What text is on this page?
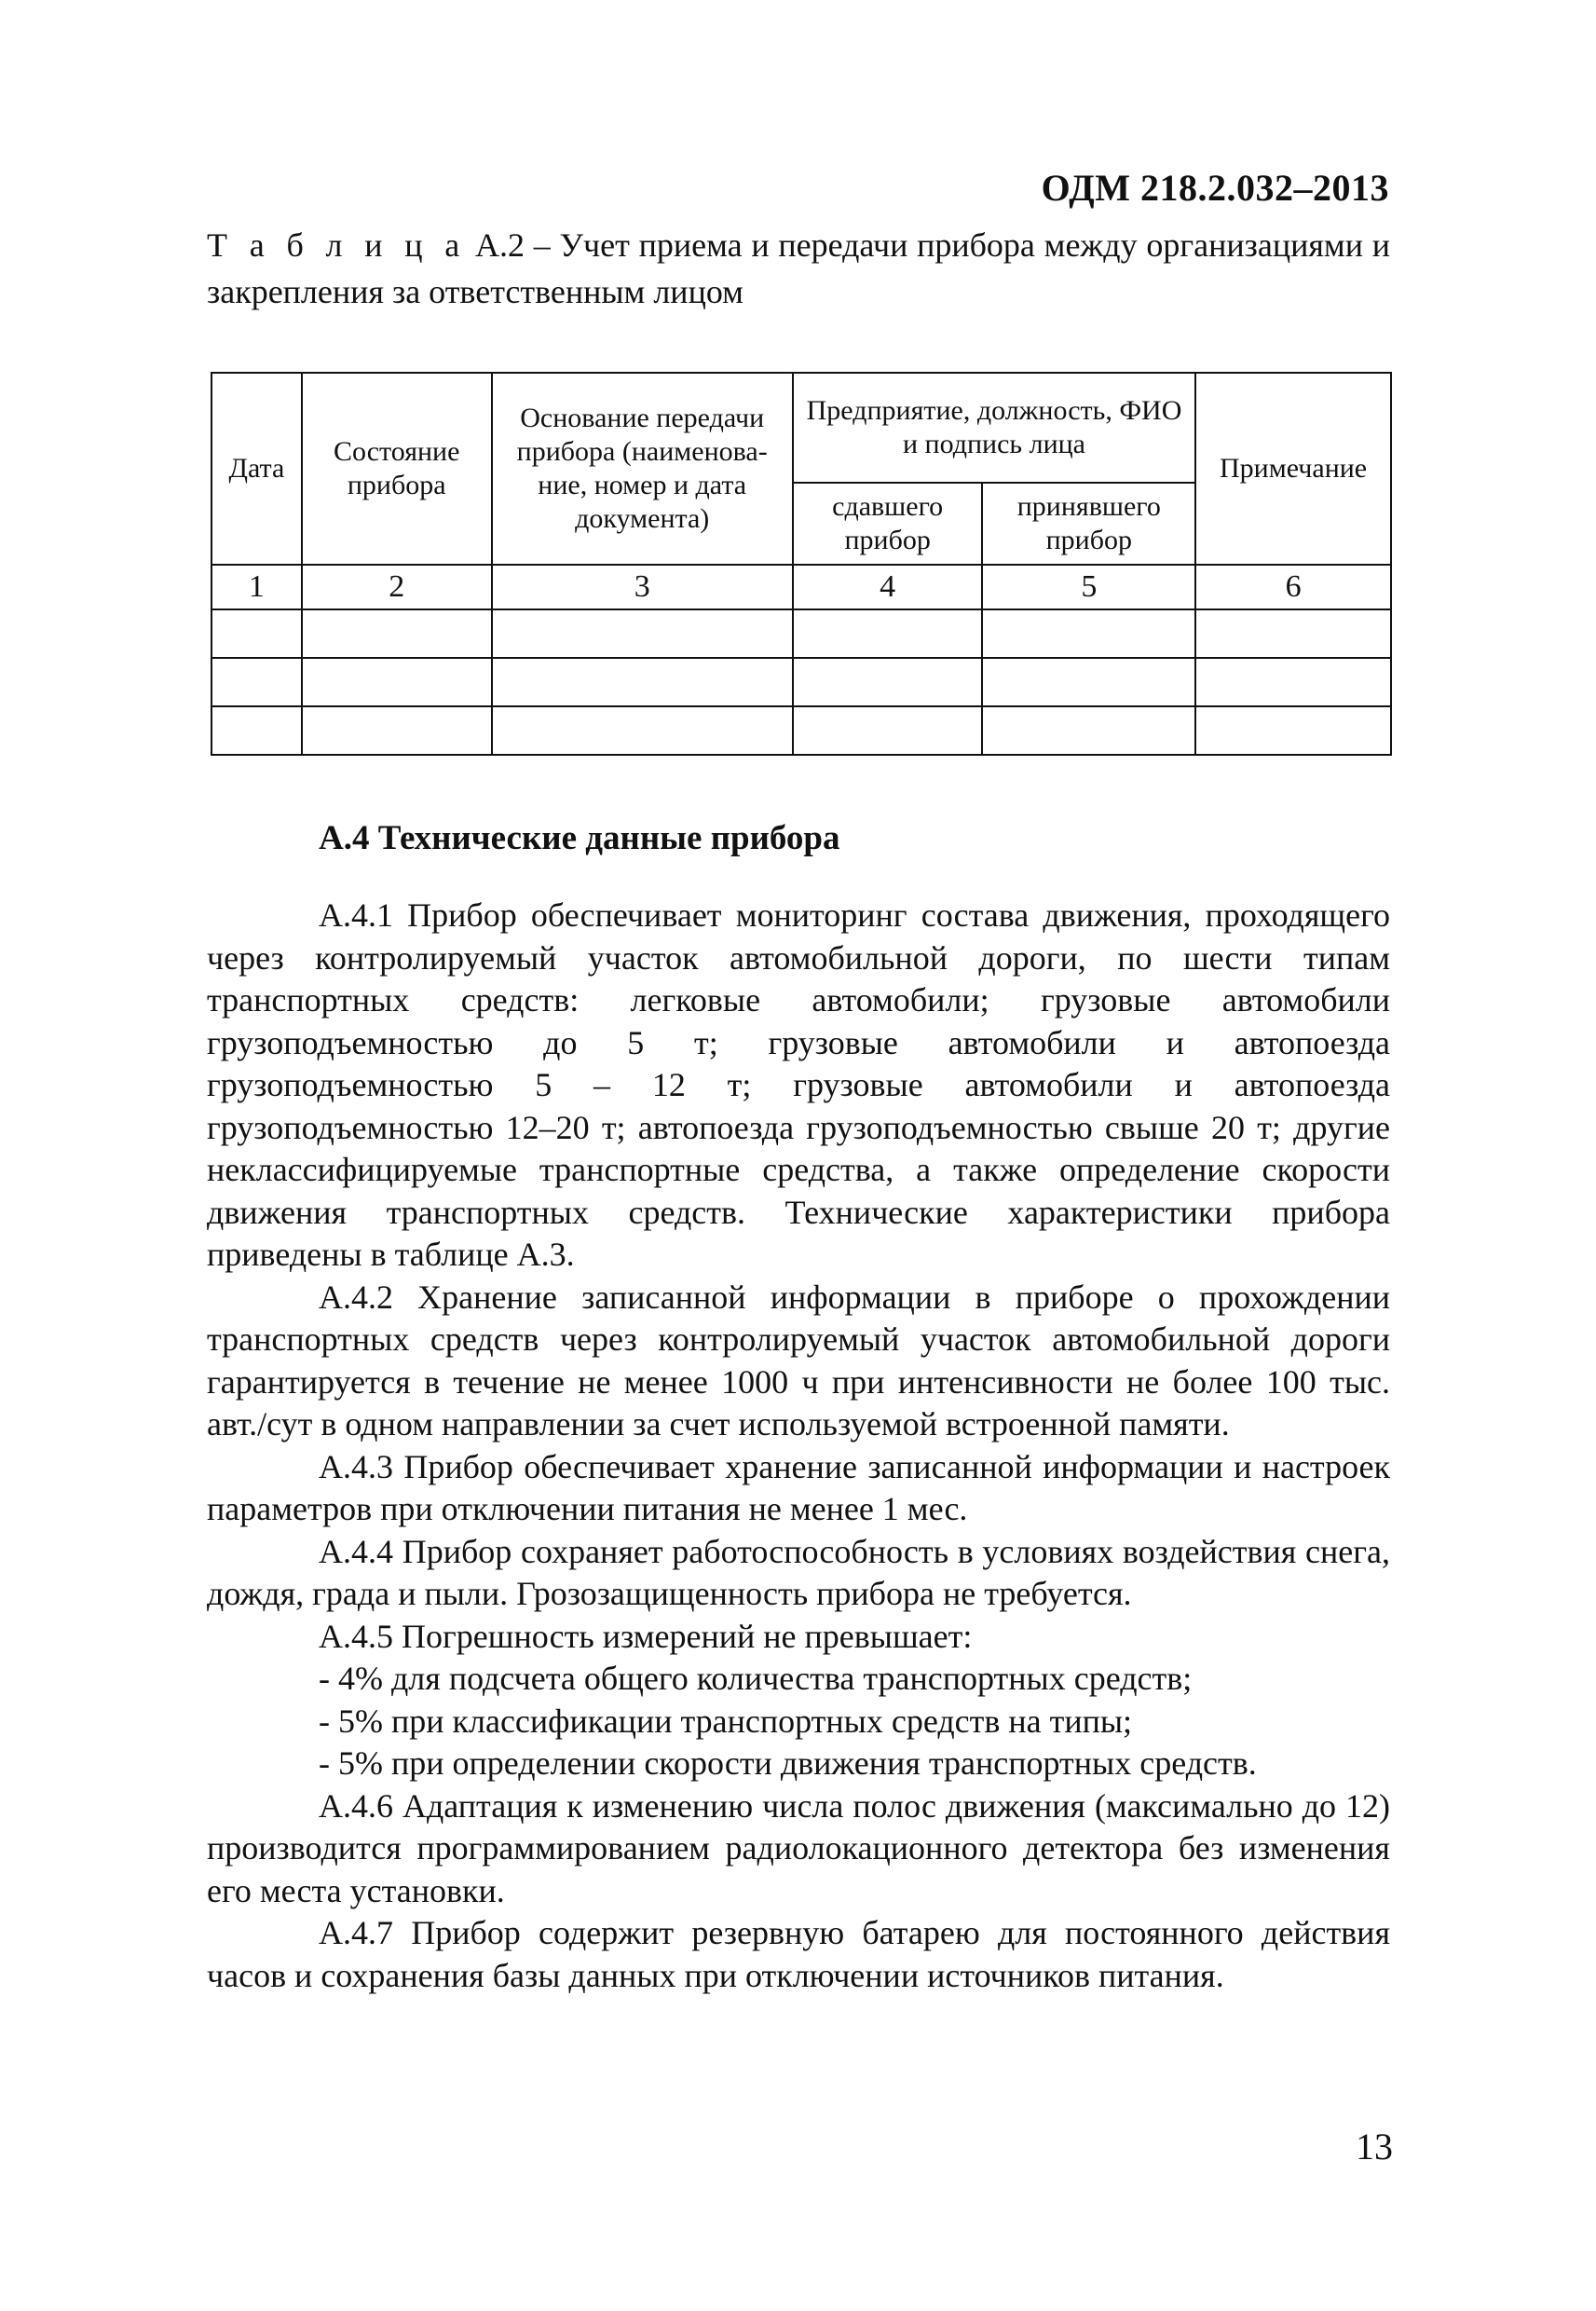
ОДМ 218.2.032–2013
Т а б л и ц а А.2 – Учет приема и передачи прибора между организациями и закрепления за ответственным лицом
Дата	Состояние прибора	Основание передачи прибора (наименова-ние, номер и дата документа)	Предприятие, должность, ФИО и подпись лица		Примечание
			сдавшего прибор	принявшего прибор	
1	2	3	4	5	6

А.4 Технические данные прибора

А.4.1 Прибор обеспечивает мониторинг состава движения, проходящего через контролируемый участок автомобильной дороги, по шести типам транспортных средств: легковые автомобили; грузовые автомобили грузоподъемностью до 5 т; грузовые автомобили и автопоезда грузоподъемностью 5 – 12 т; грузовые автомобили и автопоезда грузоподъемностью 12–20 т; автопоезда грузоподъемностью свыше 20 т; другие неклассифицируемые транспортные средства, а также определение скорости движения транспортных средств. Технические характеристики прибора приведены в таблице А.3.

А.4.2 Хранение записанной информации в приборе о прохождении транспортных средств через контролируемый участок автомобильной дороги гарантируется в течение не менее 1000 ч при интенсивности не более 100 тыс. авт./сут в одном направлении за счет используемой встроенной памяти.

А.4.3 Прибор обеспечивает хранение записанной информации и настроек параметров при отключении питания не менее 1 мес.

А.4.4 Прибор сохраняет работоспособность в условиях воздействия снега, дождя, града и пыли. Грозозащищенность прибора не требуется.

А.4.5 Погрешность измерений не превышает:

- 4% для подсчета общего количества транспортных средств;

- 5% при классификации транспортных средств на типы;

- 5% при определении скорости движения транспортных средств.

А.4.6 Адаптация к изменению числа полос движения (максимально до 12) производится программированием радиолокационного детектора без изменения его места установки.

А.4.7 Прибор содержит резервную батарею для постоянного действия часов и сохранения базы данных при отключении источников питания.

13
